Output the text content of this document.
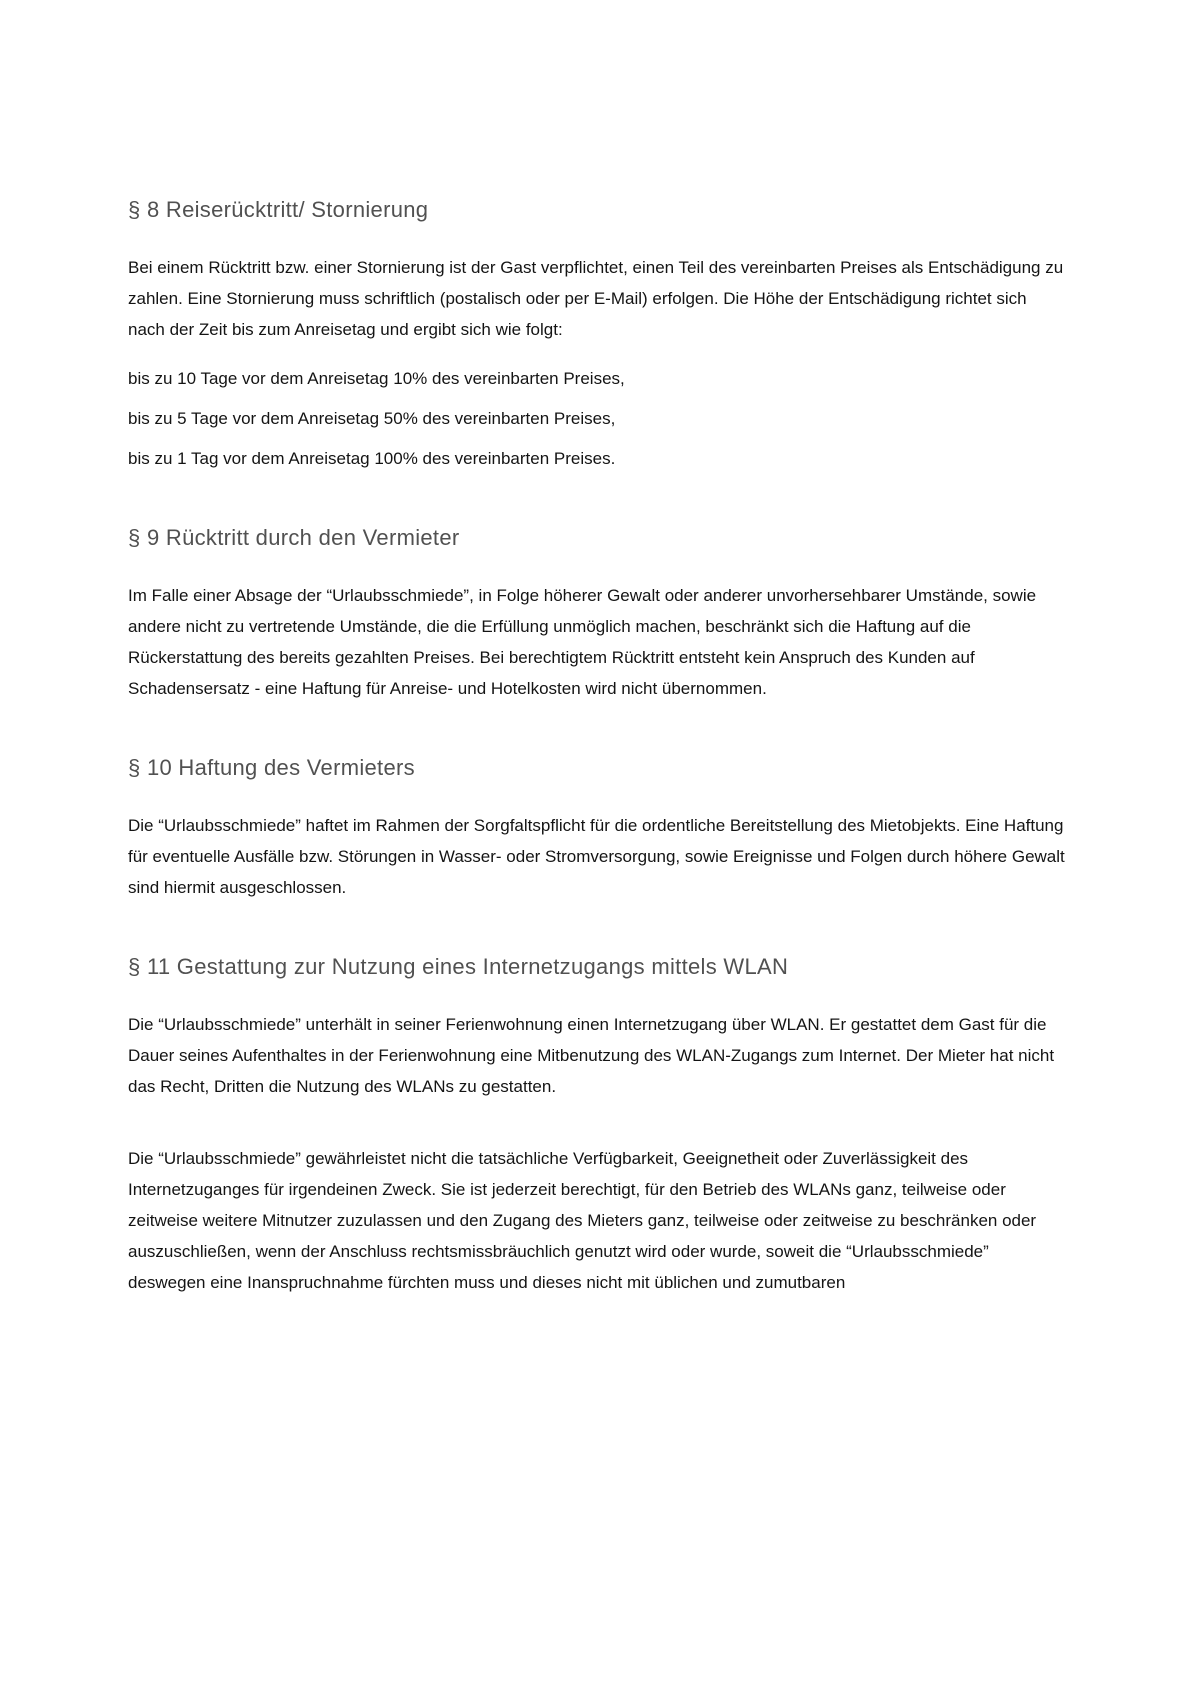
§ 8 Reiserücktritt/ Stornierung

Bei einem Rücktritt bzw. einer Stornierung ist der Gast verpflichtet, einen Teil des vereinbarten Preises als Entschädigung zu zahlen. Eine Stornierung muss schriftlich (postalisch oder per E-Mail) erfolgen. Die Höhe der Entschädigung richtet sich nach der Zeit bis zum Anreisetag und ergibt sich wie folgt:

bis zu 10 Tage vor dem Anreisetag 10% des vereinbarten Preises,

bis zu 5 Tage vor dem Anreisetag 50% des vereinbarten Preises,

bis zu 1 Tag vor dem Anreisetag 100% des vereinbarten Preises.

§ 9 Rücktritt durch den Vermieter

Im Falle einer Absage der “Urlaubsschmiede”, in Folge höherer Gewalt oder anderer unvorhersehbarer Umstände, sowie andere nicht zu vertretende Umstände, die die Erfüllung unmöglich machen, beschränkt sich die Haftung auf die Rückerstattung des bereits gezahlten Preises. Bei berechtigtem Rücktritt entsteht kein Anspruch des Kunden auf Schadensersatz - eine Haftung für Anreise- und Hotelkosten wird nicht übernommen.

§ 10 Haftung des Vermieters

Die “Urlaubsschmiede” haftet im Rahmen der Sorgfaltspflicht für die ordentliche Bereitstellung des Mietobjekts. Eine Haftung für eventuelle Ausfälle bzw. Störungen in Wasser- oder Stromversorgung, sowie Ereignisse und Folgen durch höhere Gewalt sind hiermit ausgeschlossen.

§ 11 Gestattung zur Nutzung eines Internetzugangs mittels WLAN

Die “Urlaubsschmiede” unterhält in seiner Ferienwohnung einen Internetzugang über WLAN. Er gestattet dem Gast für die Dauer seines Aufenthaltes in der Ferienwohnung eine Mitbenutzung des WLAN-Zugangs zum Internet. Der Mieter hat nicht das Recht, Dritten die Nutzung des WLANs zu gestatten.

Die “Urlaubsschmiede” gewährleistet nicht die tatsächliche Verfügbarkeit, Geeignetheit oder Zuverlässigkeit des Internetzuganges für irgendeinen Zweck. Sie ist jederzeit berechtigt, für den Betrieb des WLANs ganz, teilweise oder zeitweise weitere Mitnutzer zuzulassen und den Zugang des Mieters ganz, teilweise oder zeitweise zu beschränken oder auszuschließen, wenn der Anschluss rechtsmissbräuchlich genutzt wird oder wurde, soweit die “Urlaubsschmiede” deswegen eine Inanspruchnahme fürchten muss und dieses nicht mit üblichen und zumutbaren
